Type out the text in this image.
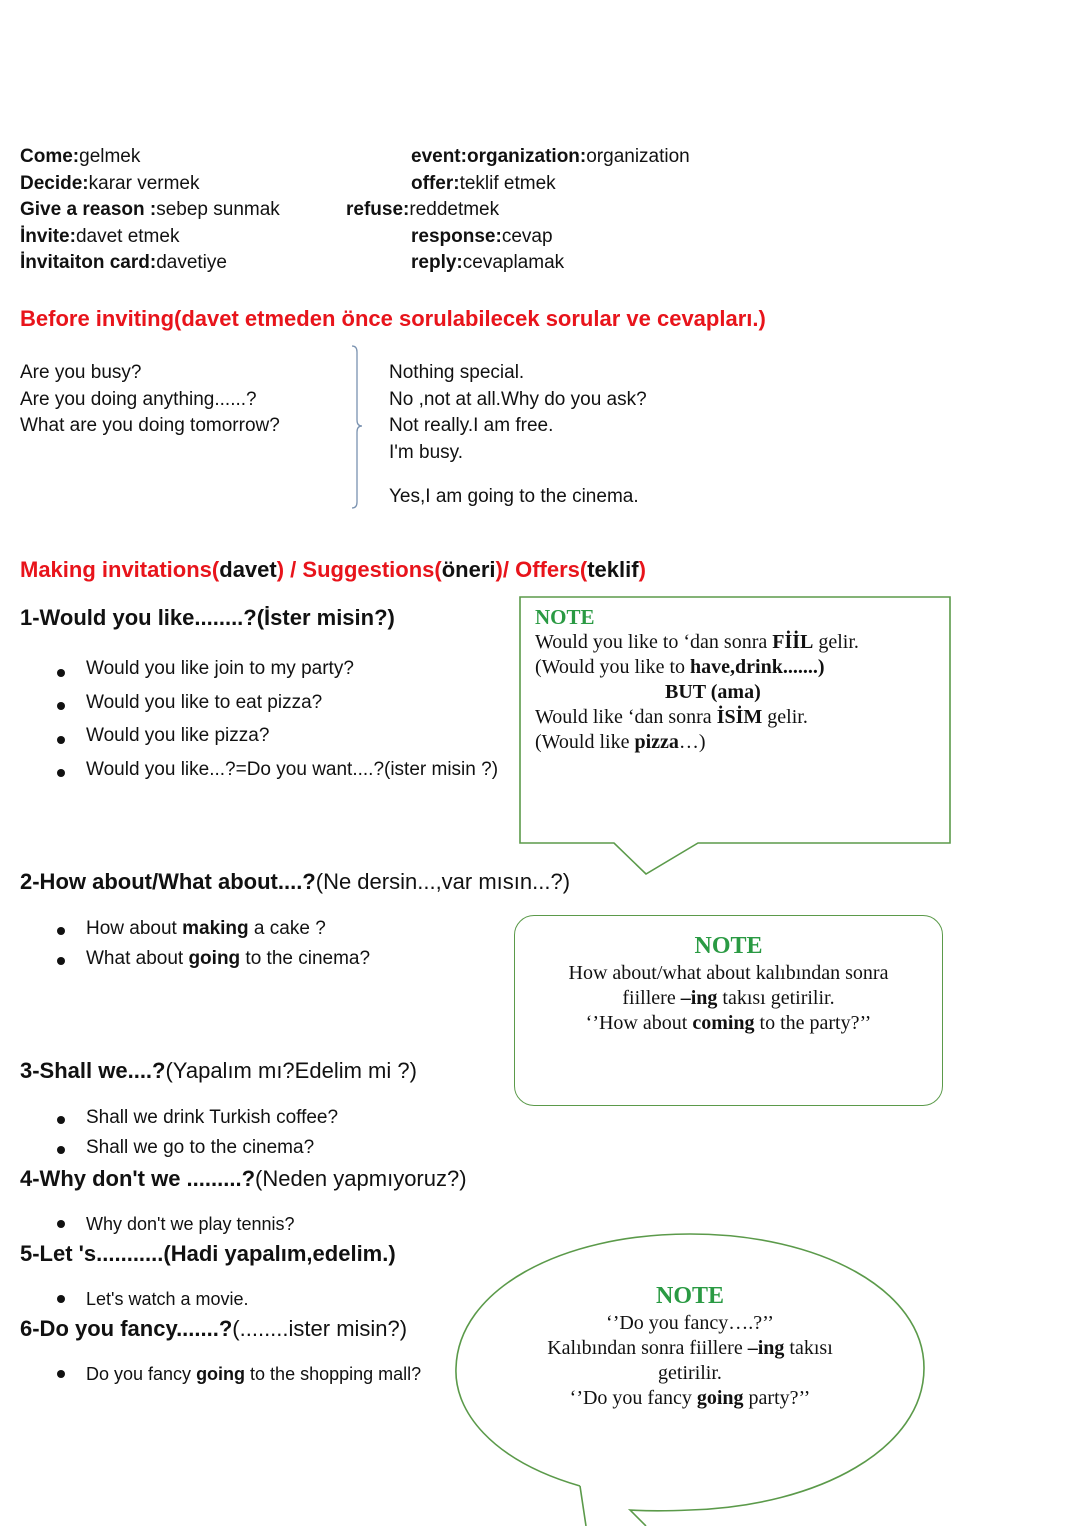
Come:gelmek
Decide:karar vermek
Give a reason :sebep sunmak
İnvite:davet etmek
İnvitaiton card:davetiye
event:organization:organization
offer:teklif etmek
refuse:reddetmek
response:cevap
reply:cevaplamak
Before inviting(davet etmeden önce sorulabilecek sorular ve cevapları.)
Are you busy?
Are you doing anything......?
What are you doing tomorrow?
Nothing special.
No ,not at all.Why do you ask?
Not really.I am free.
I'm busy.
Yes,I am going to the cinema.
Making invitations(davet) / Suggestions(öneri)/ Offers(teklif)
1-Would you like........?(İster misin?)
Would you like join to my party?
Would you like to eat pizza?
Would you like pizza?
Would you like...?=Do you want....?(ister misin ?)
NOTE
Would you like to ‘dan sonra FİİL gelir.
(Would you like to have,drink.......)
BUT (ama)
Would like ‘dan sonra İSİM gelir.
(Would like pizza…)
2-How about/What about....?(Ne dersin...,var mısın...?)
How about making a cake ?
What about going to the cinema?	NOTE
How about/what about kalıbından sonra
fiillere –ing takısı getirilir.
‘’How about coming to the party?’’
3-Shall we....?(Yapalım mı?Edelim mi ?)
Shall we drink Turkish coffee?
Shall we go to the cinema?
4-Why don't we .........?(Neden yapmıyoruz?)
Why don't we play tennis?
5-Let 's...........(Hadi yapalım,edelim.)
Let's watch a movie.
6-Do you fancy.......?(........ister misin?)
Do you fancy going to the shopping mall?
NOTE
‘’Do you fancy….?’’
Kalıbından sonra fiillere –ing takısı
getirilir.
‘’Do you fancy going party?’’
